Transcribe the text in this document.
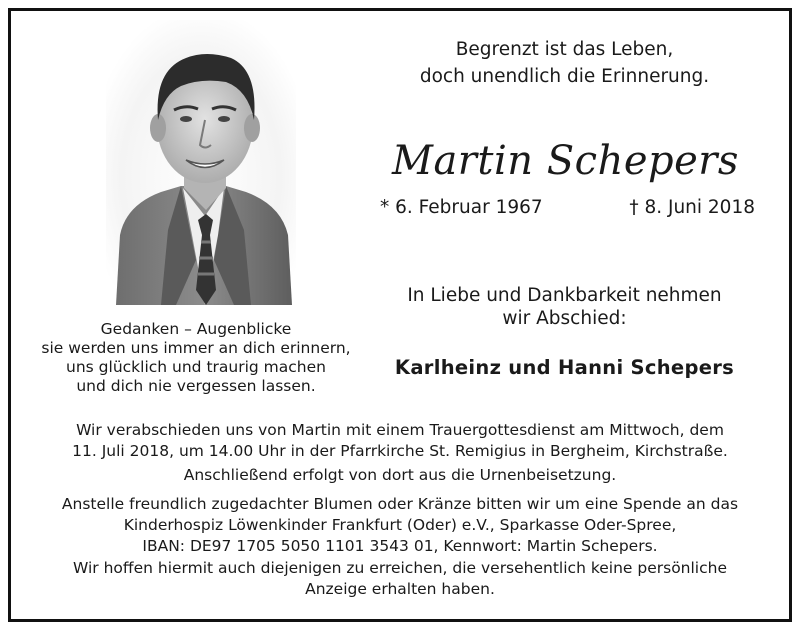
Begrenzt ist das Leben,
doch unendlich die Erinnerung.
Martin Schepers
* 6. Februar 1967	† 8. Juni 2018
In Liebe und Dankbarkeit nehmen
wir Abschied:
Karlheinz und Hanni Schepers
Gedanken – Augenblicke
sie werden uns immer an dich erinnern,
uns glücklich und traurig machen
und dich nie vergessen lassen.
Wir verabschieden uns von Martin mit einem Trauergottesdienst am Mittwoch, dem
11. Juli 2018, um 14.00 Uhr in der Pfarrkirche St. Remigius in Bergheim, Kirchstraße.
Anschließend erfolgt von dort aus die Urnenbeisetzung.
Anstelle freundlich zugedachter Blumen oder Kränze bitten wir um eine Spende an das
Kinderhospiz Löwenkinder Frankfurt (Oder) e.V., Sparkasse Oder-Spree,
IBAN: DE97 1705 5050 1101 3543 01, Kennwort: Martin Schepers.
Wir hoffen hiermit auch diejenigen zu erreichen, die versehentlich keine persönliche
Anzeige erhalten haben.
